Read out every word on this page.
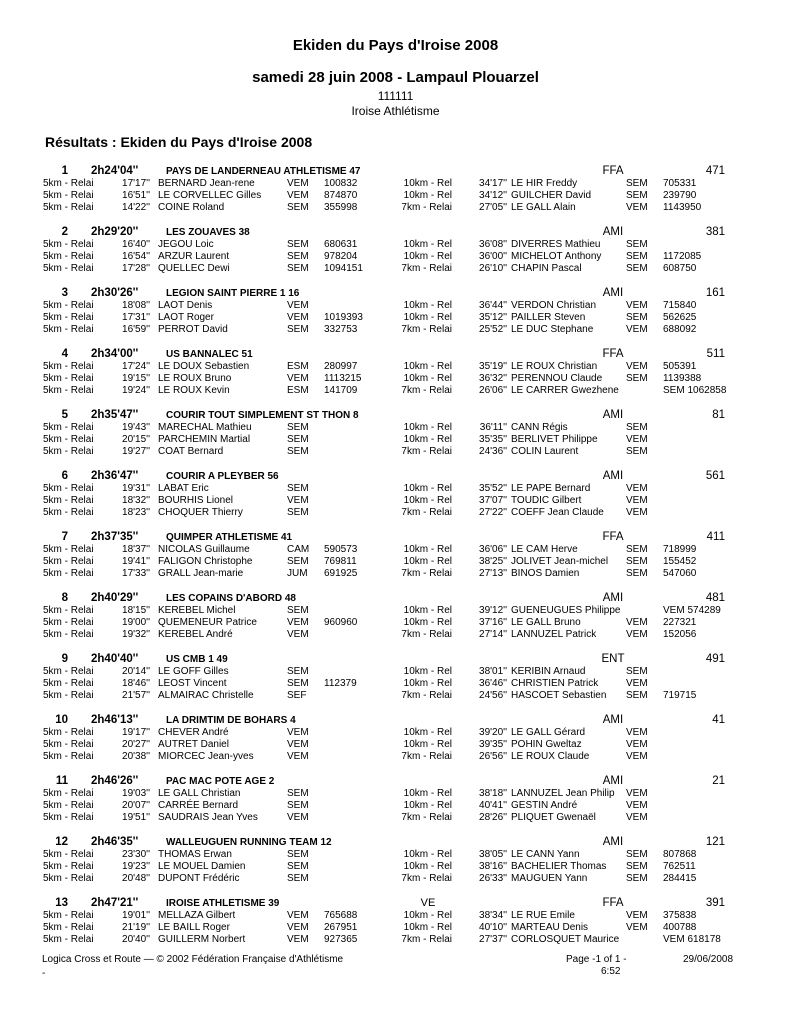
Ekiden du Pays d'Iroise 2008
samedi 28 juin 2008 - Lampaul Plouarzel
111111
Iroise Athlétisme
Résultats : Ekiden du Pays d'Iroise 2008
1 2h24'04''	PAYS DE LANDERNEAU ATHLETISME 47	FFA	471
5km - Relai	17'17'' BERNARD Jean-rene	VEM 100832	10km - Rel	34'17'' LE HIR Freddy	SEM 705331
5km - Relai	16'51'' LE CORVELLEC Gilles	VEM 874870	10km - Rel	34'12'' GUILCHER David	SEM 239790
5km - Relai	14'22'' COINE Roland	SEM 355998	7km - Relai	27'05'' LE GALL Alain	VEM 1143950
2 2h29'20''	LES ZOUAVES 38	AMI	381
5km - Relai	16'40'' JEGOU Loic	SEM 680631	10km - Rel	36'08'' DIVERRES Mathieu	SEM
5km - Relai	16'54'' ARZUR Laurent	SEM 978204	10km - Rel	36'00'' MICHELOT Anthony SEM 1172085
5km - Relai	17'28'' QUELLEC Dewi	SEM 1094151	7km - Relai	26'10'' CHAPIN Pascal	SEM 608750
3 2h30'26''	LEGION SAINT PIERRE 1 16	AMI	161
5km - Relai	18'08'' LAOT Denis	VEM	10km - Rel	36'44'' VERDON Christian	VEM 715840
5km - Relai	17'31'' LAOT Roger	VEM 1019393	10km - Rel	35'12'' PAILLER Steven	SEM 562625
5km - Relai	16'59'' PERROT David	SEM 332753	7km - Relai	25'52'' LE DUC Stephane	VEM 688092
4 2h34'00''	US BANNALEC 51	FFA	511
5km - Relai	17'24'' LE DOUX Sebastien	ESM 280997	10km - Rel	35'19'' LE ROUX Christian	VEM 505391
5km - Relai	19'15'' LE ROUX Bruno	VEM 1113215	10km - Rel	36'32'' PERENNOU Claude SEM 1139388
5km - Relai	19'24'' LE ROUX Kevin	ESM 141709	7km - Relai	26'06'' LE CARRER Gwezhene	SEM 1062858
5 2h35'47''	COURIR TOUT SIMPLEMENT ST THON 8	AMI	81
5km - Relai	19'43'' MARECHAL Mathieu	SEM	10km - Rel	36'11'' CANN Régis	SEM
5km - Relai	20'15'' PARCHEMIN Martial	SEM	10km - Rel	35'35'' BERLIVET Philippe	VEM
5km - Relai	19'27'' COAT Bernard	SEM	7km - Relai	24'36'' COLIN Laurent	SEM
6 2h36'47''	COURIR A PLEYBER 56	AMI	561
5km - Relai	19'31'' LABAT Eric	SEM	10km - Rel	35'52'' LE PAPE Bernard	VEM
5km - Relai	18'32'' BOURHIS Lionel	VEM	10km - Rel	37'07'' TOUDIC Gilbert	VEM
5km - Relai	18'23'' CHOQUER Thierry	SEM	7km - Relai	27'22'' COEFF Jean Claude VEM
7 2h37'35''	QUIMPER ATHLETISME 41	FFA	411
5km - Relai	18'37'' NICOLAS Guillaume	CAM 590573	10km - Rel	36'06'' LE CAM Herve	SEM 718999
5km - Relai	19'41'' FALIGON Christophe	SEM 769811	10km - Rel	38'25'' JOLIVET Jean-michel SEM 155452
5km - Relai	17'33'' GRALL Jean-marie	JUM 691925	7km - Relai	27'13'' BINOS Damien	SEM 547060
8 2h40'29''	LES COPAINS D'ABORD 48	AMI	481
5km - Relai	18'15'' KEREBEL Michel	SEM	10km - Rel	39'12'' GUENEUGUES Philippe	VEM 574289
5km - Relai	19'00'' QUEMENEUR Patrice	VEM 960960	10km - Rel	37'16'' LE GALL Bruno	VEM 227321
5km - Relai	19'32'' KEREBEL André	VEM	7km - Relai	27'14'' LANNUZEL Patrick	VEM 152056
9 2h40'40''	US CMB 1 49	ENT	491
5km - Relai	20'14'' LE GOFF Gilles	SEM	10km - Rel	38'01'' KERIBIN Arnaud	SEM
5km - Relai	18'46'' LEOST Vincent	SEM 112379	10km - Rel	36'46'' CHRISTIEN Patrick	VEM
5km - Relai	21'57'' ALMAIRAC Christelle	SEF	7km - Relai	24'56'' HASCOET Sebastien SEM 719715
10 2h46'13''	LA DRIMTIM DE BOHARS 4	AMI	41
5km - Relai	19'17'' CHEVER André	VEM	10km - Rel	39'20'' LE GALL Gérard	VEM
5km - Relai	20'27'' AUTRET Daniel	VEM	10km - Rel	39'35'' POHIN Gweltaz	VEM
5km - Relai	20'38'' MIORCEC Jean-yves	VEM	7km - Relai	26'56'' LE ROUX Claude	VEM
11 2h46'26''	PAC MAC POTE AGE 2	AMI	21
5km - Relai	19'03'' LE GALL Christian	SEM	10km - Rel	38'18'' LANNUZEL Jean Philip VEM
5km - Relai	20'07'' CARRÉE Bernard	SEM	10km - Rel	40'41'' GESTIN André	VEM
5km - Relai	19'51'' SAUDRAIS Jean Yves	VEM	7km - Relai	28'26'' PLIQUET Gwenaël	VEM
12 2h46'35''	WALLEUGUEN RUNNING TEAM 12	AMI	121
5km - Relai	23'30'' THOMAS Erwan	SEM	10km - Rel	38'05'' LE CANN Yann	SEM 807868
5km - Relai	19'23'' LE MOUEL Damien	SEM	10km - Rel	38'16'' BACHELIER Thomas SEM 762511
5km - Relai	20'48'' DUPONT Frédéric	SEM	7km - Relai	26'33'' MAUGUEN Yann	SEM 284415
13 2h47'21''	IROISE ATHLETISME 39	VE	FFA	391
5km - Relai	19'01'' MELLAZA Gilbert	VEM 765688	10km - Rel	38'34'' LE RUE Emile	VEM 375838
5km - Relai	21'19'' LE BAILL Roger	VEM 267951	10km - Rel	40'10'' MARTEAU Denis	VEM 400788
5km - Relai	20'40'' GUILLERM Norbert	VEM 927365	7km - Relai	27'37'' CORLOSQUET Maurice	VEM 618178
Logica Cross et Route — © 2002 Fédération Française d'Athlétisme
-
Page -1 of 1 -
6:52
29/06/2008
